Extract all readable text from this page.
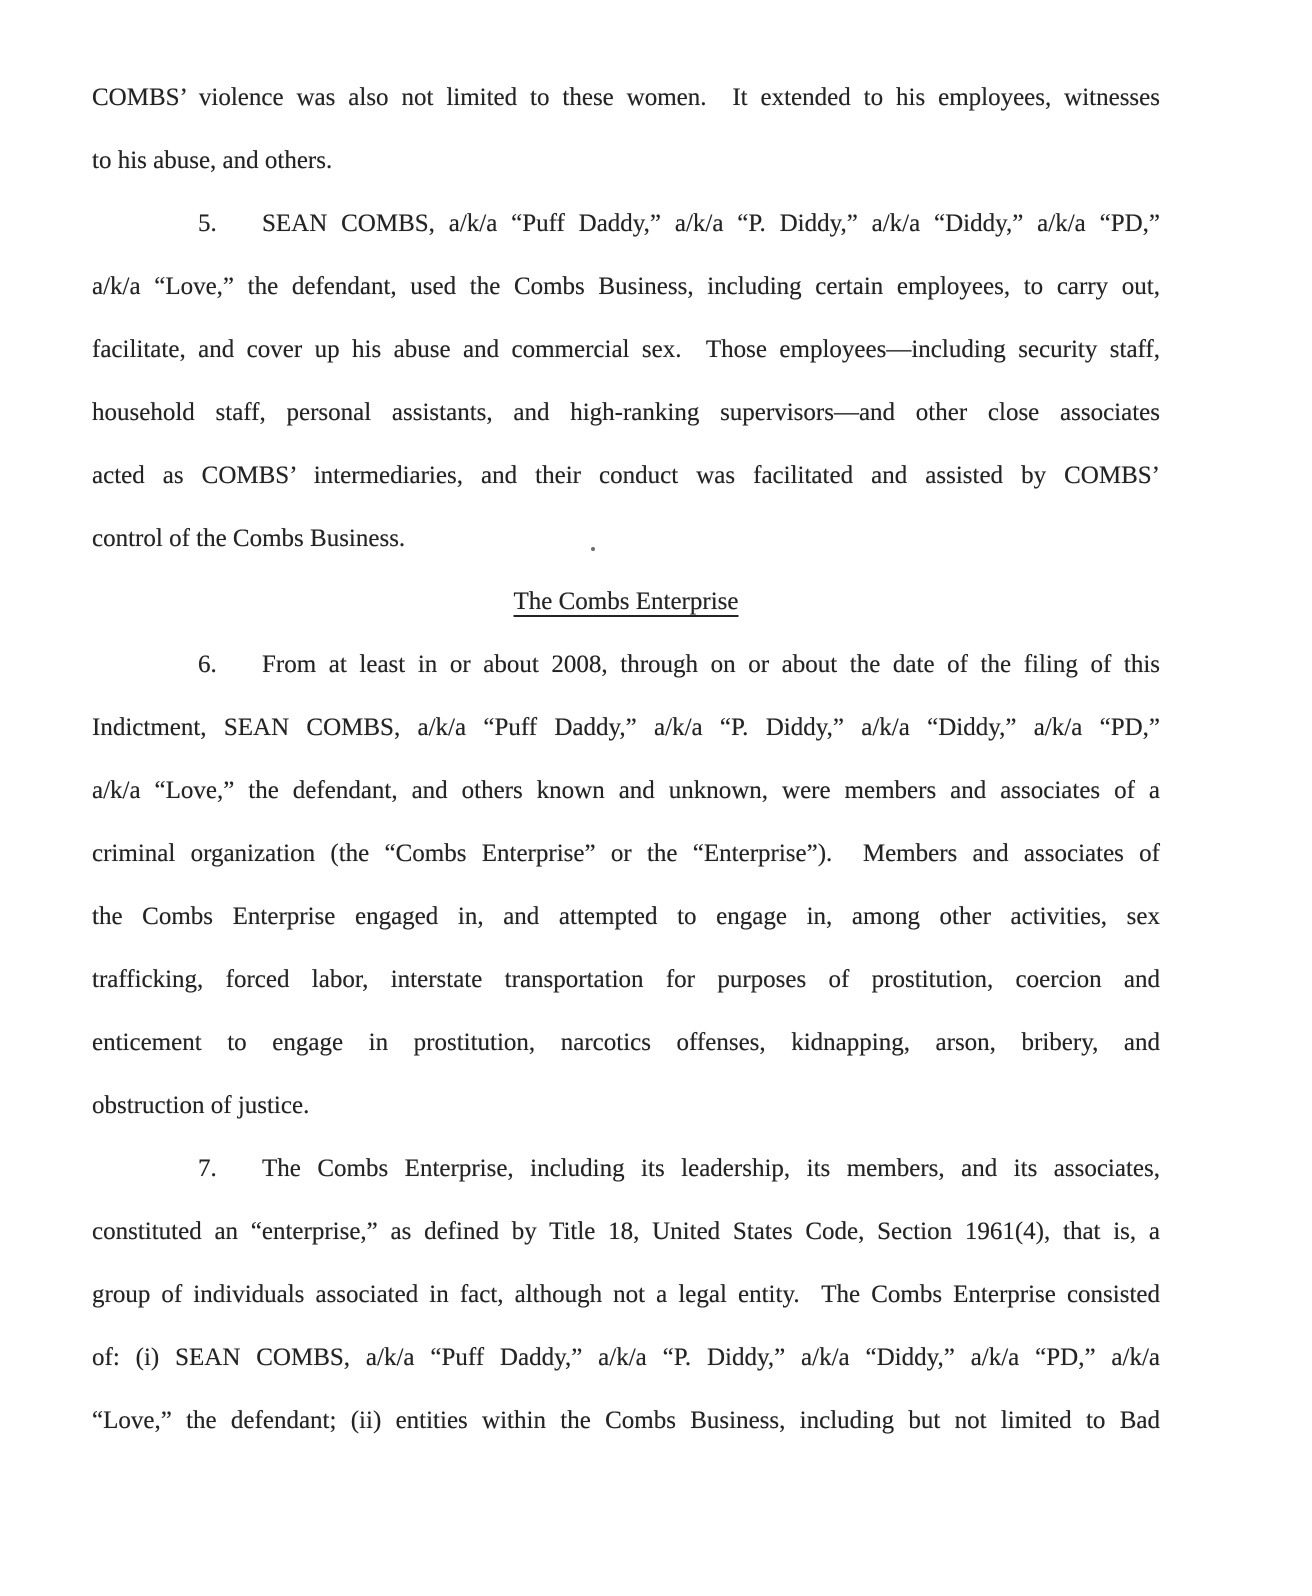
COMBS’ violence was also not limited to these women.  It extended to his employees, witnesses
to his abuse, and others.
5. SEAN COMBS, a/k/a “Puff Daddy,” a/k/a “P. Diddy,” a/k/a “Diddy,” a/k/a “PD,”
a/k/a “Love,” the defendant, used the Combs Business, including certain employees, to carry out,
facilitate, and cover up his abuse and commercial sex.  Those employees—including security staff,
household staff, personal assistants, and high-ranking supervisors—and other close associates
acted as COMBS’ intermediaries, and their conduct was facilitated and assisted by COMBS’
control of the Combs Business.
The Combs Enterprise
6. From at least in or about 2008, through on or about the date of the filing of this
Indictment, SEAN COMBS, a/k/a “Puff Daddy,” a/k/a “P. Diddy,” a/k/a “Diddy,” a/k/a “PD,”
a/k/a “Love,” the defendant, and others known and unknown, were members and associates of a
criminal organization (the “Combs Enterprise” or the “Enterprise”).  Members and associates of
the Combs Enterprise engaged in, and attempted to engage in, among other activities, sex
trafficking, forced labor, interstate transportation for purposes of prostitution, coercion and
enticement to engage in prostitution, narcotics offenses, kidnapping, arson, bribery, and
obstruction of justice.
7. The Combs Enterprise, including its leadership, its members, and its associates,
constituted an “enterprise,” as defined by Title 18, United States Code, Section 1961(4), that is, a
group of individuals associated in fact, although not a legal entity.  The Combs Enterprise consisted
of: (i) SEAN COMBS, a/k/a “Puff Daddy,” a/k/a “P. Diddy,” a/k/a “Diddy,” a/k/a “PD,” a/k/a
“Love,” the defendant; (ii) entities within the Combs Business, including but not limited to Bad
